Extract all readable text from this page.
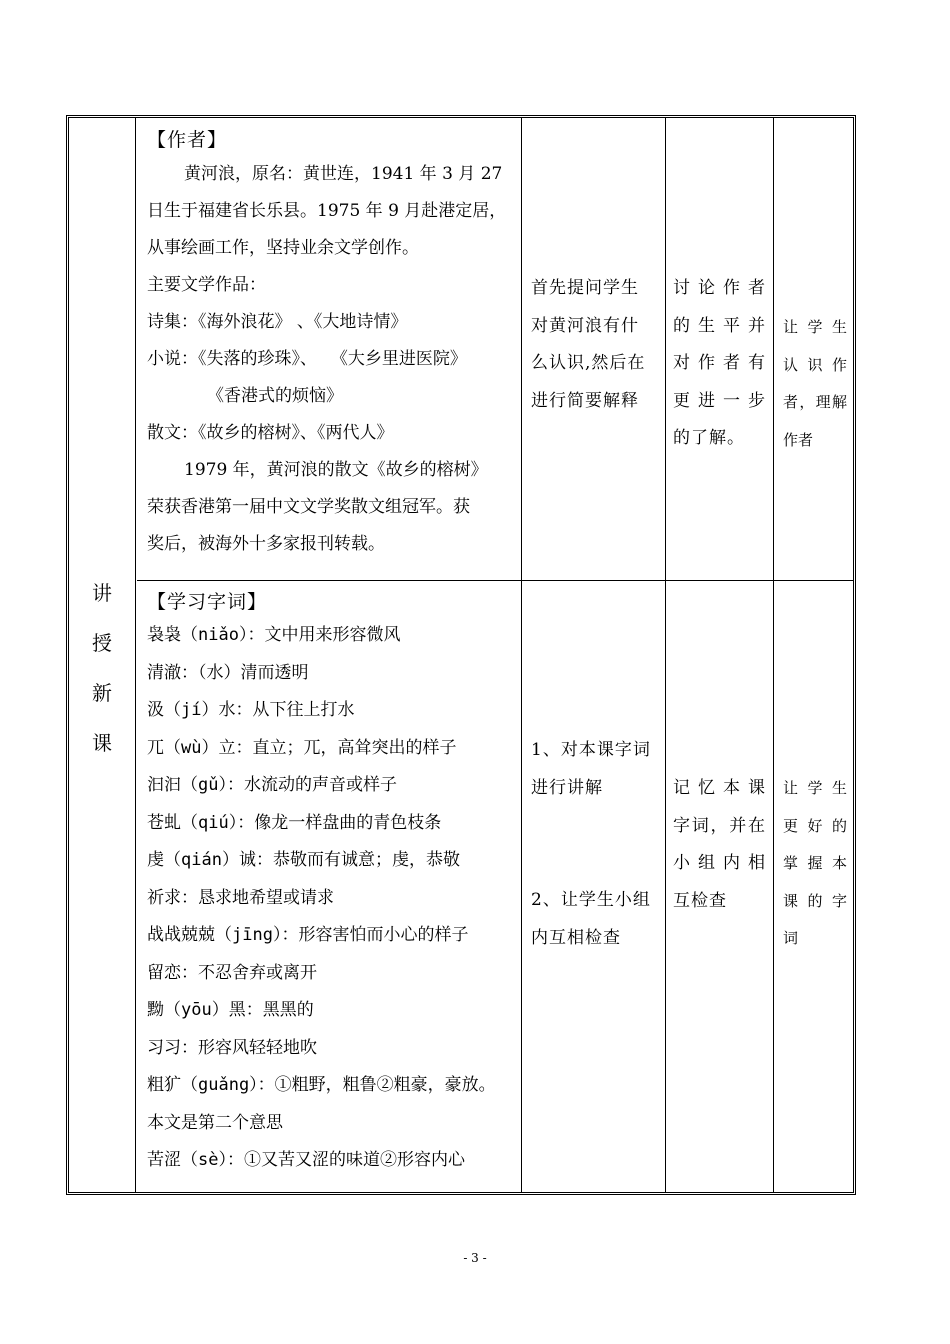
讲
授
新
课
【作者】

黄河浪，原名：黄世连，1941 年 3 月 27

日生于福建省长乐县。1975 年 9 月赴港定居，

从事绘画工作，坚持业余文学创作。

主要文学作品：

诗集：《海外浪花》 、《大地诗情》

小说：《失落的珍珠》、　 《大乡里进医院》

《香港式的烦恼》

散文：《故乡的榕树》、《两代人》

1979 年，黄河浪的散文《故乡的榕树》

荣获香港第一届中文文学奖散文组冠军。获

奖后，被海外十多家报刊转载。

首先提问学生

对黄河浪有什

么认识,然后在

进行简要解释

讨论作者

的生平并

对作者有

更进一步

的了解。

让学生

认识作

者，理解

作者

【学习字词】

袅袅（niǎo）：文中用来形容微风

清澈：（水）清而透明

汲（jí）水：从下往上打水

兀（wù）立：直立；兀，高耸突出的样子

汩汩（gǔ）：水流动的声音或样子

苍虬（qiú）：像龙一样盘曲的青色枝条

虔（qián）诚：恭敬而有诚意；虔，恭敬

祈求：恳求地希望或请求

战战兢兢（jīng）：形容害怕而小心的样子

留恋：不忍舍弃或离开

黝（yōu）黑：黑黑的

习习：形容风轻轻地吹

粗犷（guǎng）：①粗野，粗鲁②粗豪，豪放。

本文是第二个意思

苦涩（sè）：①又苦又涩的味道②形容内心

1、对本课字词

进行讲解

2、让学生小组

内互相检查

记忆本课

字词，并在

小组内相

互检查

让学生

更好的

掌握本

课的字

词

- 3 -
